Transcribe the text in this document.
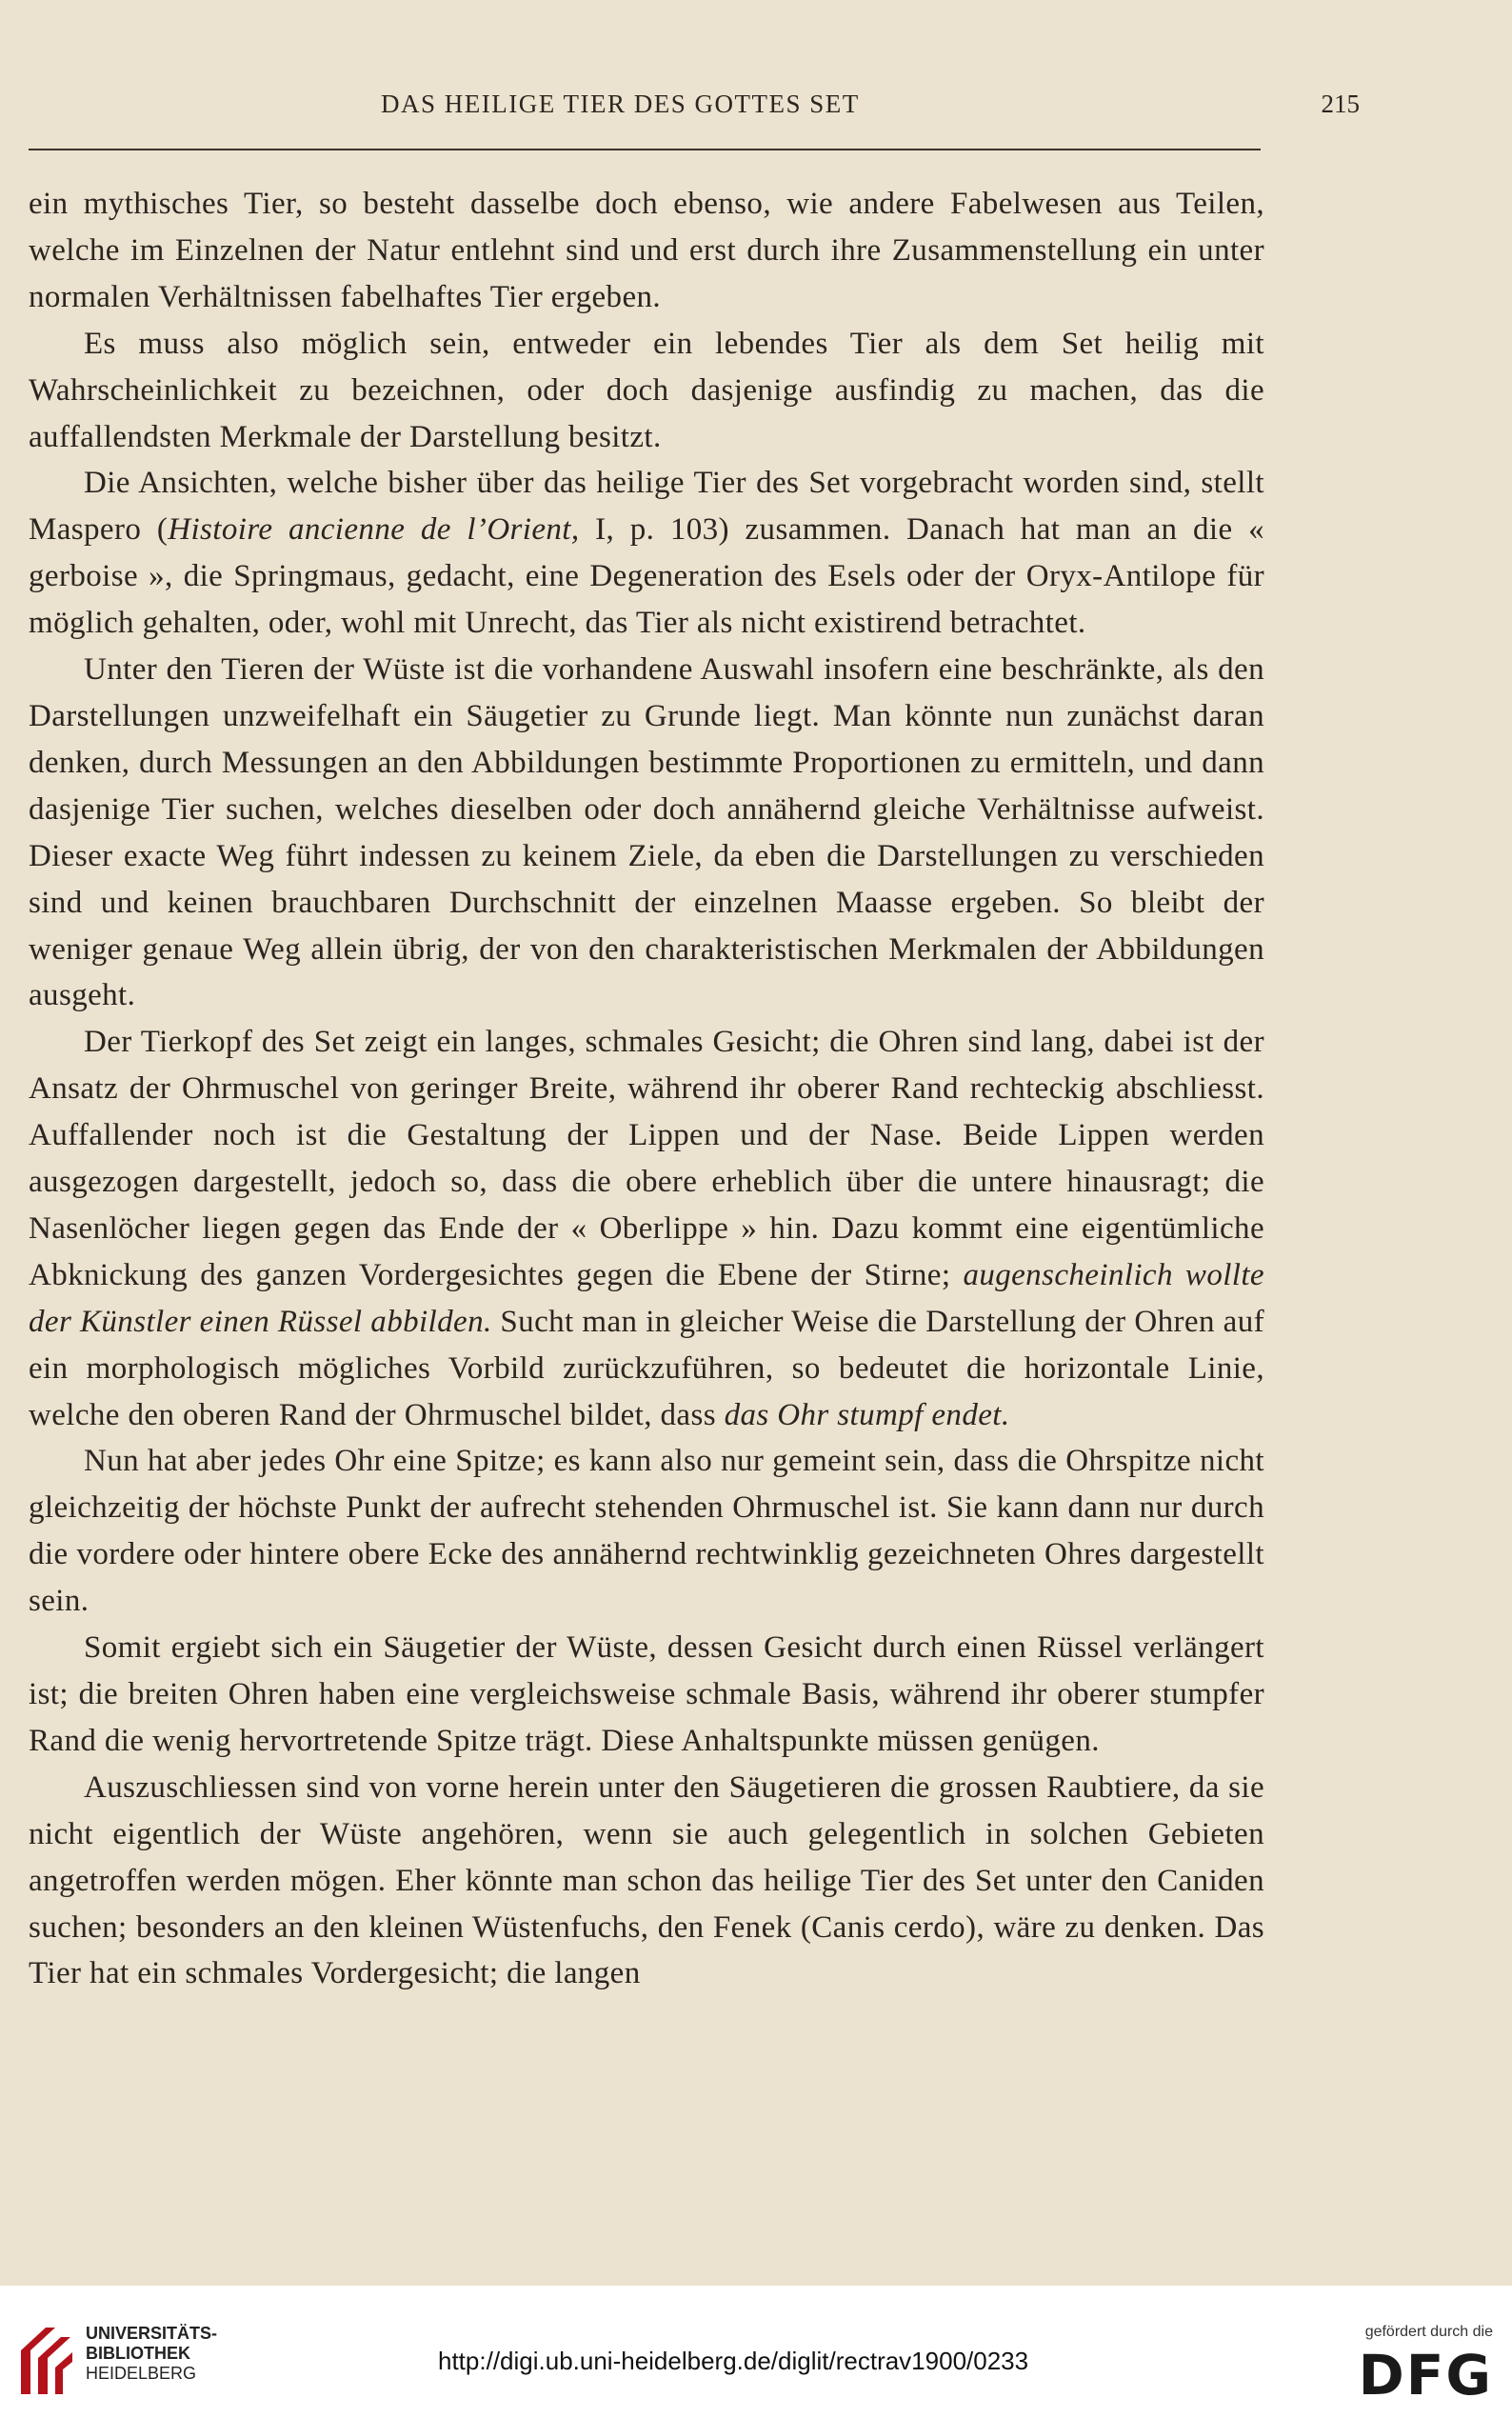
DAS HEILIGE TIER DES GOTTES SET	215

ein mythisches Tier, so besteht dasselbe doch ebenso, wie andere Fabelwesen aus Teilen, welche im Einzelnen der Natur entlehnt sind und erst durch ihre Zusammenstellung ein unter normalen Verhältnissen fabelhaftes Tier ergeben.

Es muss also möglich sein, entweder ein lebendes Tier als dem Set heilig mit Wahrscheinlichkeit zu bezeichnen, oder doch dasjenige ausfindig zu machen, das die auffallendsten Merkmale der Darstellung besitzt.

Die Ansichten, welche bisher über das heilige Tier des Set vorgebracht worden sind, stellt Maspero (Histoire ancienne de l’Orient, I, p. 103) zusammen. Danach hat man an die « gerboise », die Springmaus, gedacht, eine Degeneration des Esels oder der Oryx-Antilope für möglich gehalten, oder, wohl mit Unrecht, das Tier als nicht existirend betrachtet.

Unter den Tieren der Wüste ist die vorhandene Auswahl insofern eine beschränkte, als den Darstellungen unzweifelhaft ein Säugetier zu Grunde liegt. Man könnte nun zunächst daran denken, durch Messungen an den Abbildungen bestimmte Proportionen zu ermitteln, und dann dasjenige Tier suchen, welches dieselben oder doch annähernd gleiche Verhältnisse aufweist. Dieser exacte Weg führt indessen zu keinem Ziele, da eben die Darstellungen zu verschieden sind und keinen brauchbaren Durchschnitt der einzelnen Maasse ergeben. So bleibt der weniger genaue Weg allein übrig, der von den charakteristischen Merkmalen der Abbildungen ausgeht.

Der Tierkopf des Set zeigt ein langes, schmales Gesicht; die Ohren sind lang, dabei ist der Ansatz der Ohrmuschel von geringer Breite, während ihr oberer Rand rechteckig abschliesst. Auffallender noch ist die Gestaltung der Lippen und der Nase. Beide Lippen werden ausgezogen dargestellt, jedoch so, dass die obere erheblich über die untere hinausragt; die Nasenlöcher liegen gegen das Ende der « Oberlippe » hin. Dazu kommt eine eigentümliche Abknickung des ganzen Vordergesichtes gegen die Ebene der Stirne; augenscheinlich wollte der Künstler einen Rüssel abbilden. Sucht man in gleicher Weise die Darstellung der Ohren auf ein morphologisch mögliches Vorbild zurückzuführen, so bedeutet die horizontale Linie, welche den oberen Rand der Ohrmuschel bildet, dass das Ohr stumpf endet.

Nun hat aber jedes Ohr eine Spitze; es kann also nur gemeint sein, dass die Ohrspitze nicht gleichzeitig der höchste Punkt der aufrecht stehenden Ohrmuschel ist. Sie kann dann nur durch die vordere oder hintere obere Ecke des annähernd rechtwinklig gezeichneten Ohres dargestellt sein.

Somit ergiebt sich ein Säugetier der Wüste, dessen Gesicht durch einen Rüssel verlängert ist; die breiten Ohren haben eine vergleichsweise schmale Basis, während ihr oberer stumpfer Rand die wenig hervortretende Spitze trägt. Diese Anhaltspunkte müssen genügen.

Auszuschliessen sind von vorne herein unter den Säugetieren die grossen Raubtiere, da sie nicht eigentlich der Wüste angehören, wenn sie auch gelegentlich in solchen Gebieten angetroffen werden mögen. Eher könnte man schon das heilige Tier des Set unter den Caniden suchen; besonders an den kleinen Wüstenfuchs, den Fenek (Canis cerdo), wäre zu denken. Das Tier hat ein schmales Vordergesicht; die langen

UNIVERSITÄTS-
BIBLIOTHEK
HEIDELBERG	http://digi.ub.uni-heidelberg.de/diglit/rectrav1900/0233
gefördert durch die
DFG
